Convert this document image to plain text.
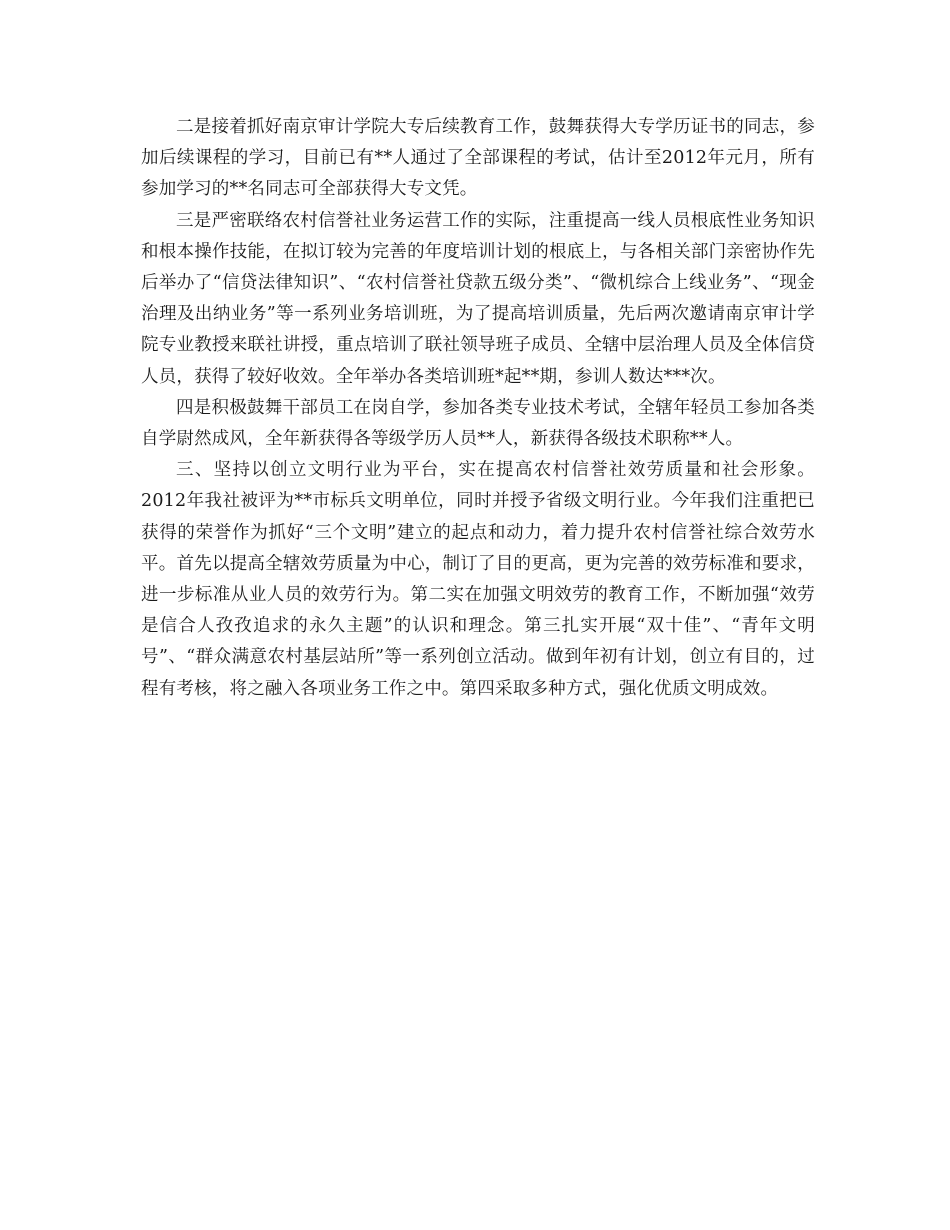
二是接着抓好南京审计学院大专后续教育工作，鼓舞获得大专学历证书的同志，参加后续课程的学习，目前已有**人通过了全部课程的考试，估计至2012年元月，所有参加学习的**名同志可全部获得大专文凭。

三是严密联络农村信誉社业务运营工作的实际，注重提高一线人员根底性业务知识和根本操作技能，在拟订较为完善的年度培训计划的根底上，与各相关部门亲密协作先后举办了“信贷法律知识”、“农村信誉社贷款五级分类”、“微机综合上线业务”、“现金治理及出纳业务”等一系列业务培训班，为了提高培训质量，先后两次邀请南京审计学院专业教授来联社讲授，重点培训了联社领导班子成员、全辖中层治理人员及全体信贷人员，获得了较好收效。全年举办各类培训班*起**期，参训人数达***次。

四是积极鼓舞干部员工在岗自学，参加各类专业技术考试，全辖年轻员工参加各类自学尉然成风，全年新获得各等级学历人员**人，新获得各级技术职称**人。

三、坚持以创立文明行业为平台，实在提高农村信誉社效劳质量和社会形象。2012年我社被评为**市标兵文明单位，同时并授予省级文明行业。今年我们注重把已获得的荣誉作为抓好“三个文明”建立的起点和动力，着力提升农村信誉社综合效劳水平。首先以提高全辖效劳质量为中心，制订了目的更高，更为完善的效劳标准和要求，进一步标准从业人员的效劳行为。第二实在加强文明效劳的教育工作，不断加强“效劳是信合人孜孜追求的永久主题”的认识和理念。第三扎实开展“双十佳”、“青年文明号”、“群众满意农村基层站所”等一系列创立活动。做到年初有计划，创立有目的，过程有考核，将之融入各项业务工作之中。第四采取多种方式，强化优质文明成效。
